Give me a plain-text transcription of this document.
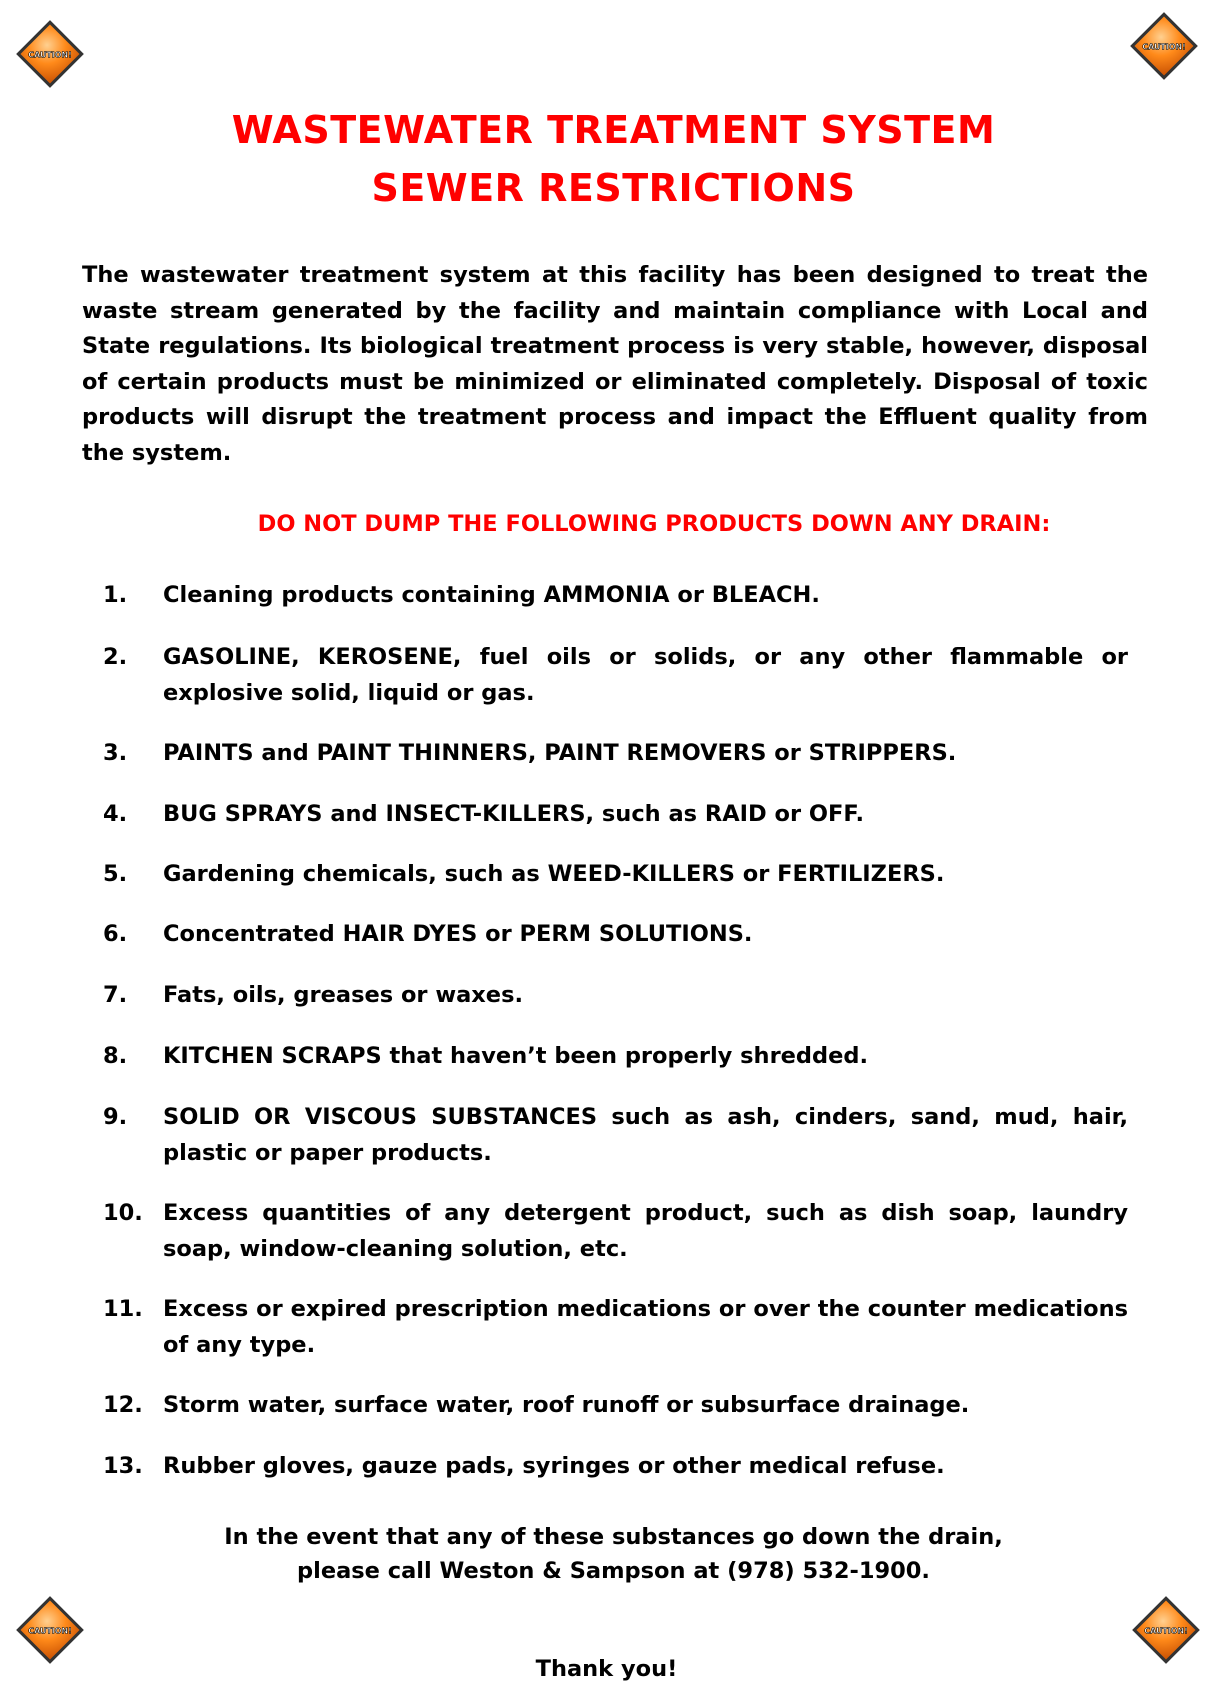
CAUTION!
CAUTION!
CAUTION!	CAUTION!
WASTEWATER TREATMENT SYSTEM
SEWER RESTRICTIONS

The wastewater treatment system at this facility has been designed to treat the waste stream generated by the facility and maintain compliance with Local and State regulations. Its biological treatment process is very stable, however, disposal of certain products must be minimized or eliminated completely. Disposal of toxic products will disrupt the treatment process and impact the Effluent quality from the system.

DO NOT DUMP THE FOLLOWING PRODUCTS DOWN ANY DRAIN:
1. Cleaning products containing AMMONIA or BLEACH.
2. GASOLINE, KEROSENE, fuel oils or solids, or any other flammable or explosive solid, liquid or gas.
3. PAINTS and PAINT THINNERS, PAINT REMOVERS or STRIPPERS.
4. BUG SPRAYS and INSECT-KILLERS, such as RAID or OFF.
5. Gardening chemicals, such as WEED-KILLERS or FERTILIZERS.
6. Concentrated HAIR DYES or PERM SOLUTIONS.
7. Fats, oils, greases or waxes.
8. KITCHEN SCRAPS that haven’t been properly shredded.
9. SOLID OR VISCOUS SUBSTANCES such as ash, cinders, sand, mud, hair, plastic or paper products.
10. Excess quantities of any detergent product, such as dish soap, laundry soap, window-cleaning solution, etc.
11. Excess or expired prescription medications or over the counter medications of any type.
12. Storm water, surface water, roof runoff or subsurface drainage.
13. Rubber gloves, gauze pads, syringes or other medical refuse.
In the event that any of these substances go down the drain,
please call Weston & Sampson at (978) 532-1900.
Thank you!
